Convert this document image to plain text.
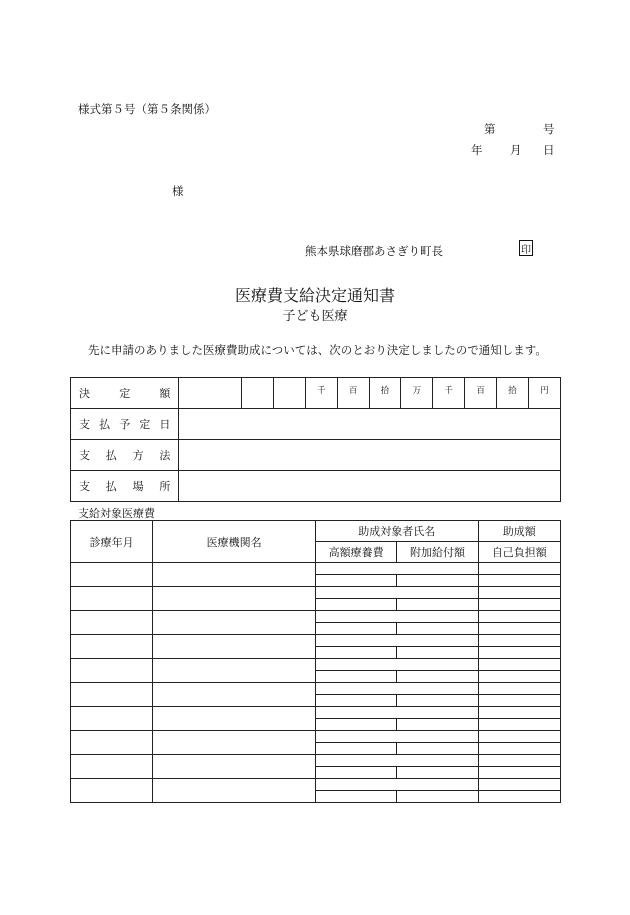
様式第５号（第５条関係）
第	号
年 月 日
様
熊本県球磨郡あさぎり町長	印
医療費支給決定通知書
子ども医療
先に申請のありました医療費助成については、次のとおり決定しましたので通知します。
決定額				千	百	拾	万	千	百	拾	円
支払予定日											
支払方法											
支払場所											
支給対象医療費
診療年月	医療機関名	助成対象者氏名		助成額
		高額療養費	附加給付額	自己負担額
